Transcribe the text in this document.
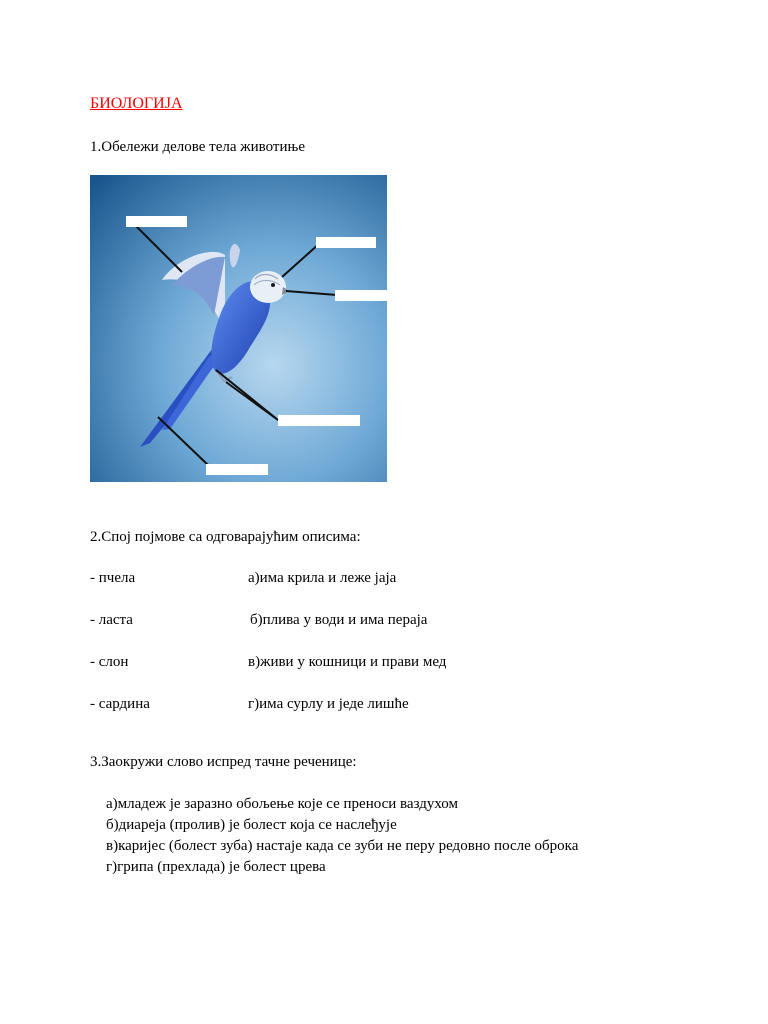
БИОЛОГИЈА
1.Обележи делове тела животиње
2.Спој појмове са одговарајућим описима:
- пчела	а)има крила и леже јаја
- ласта	б)плива у води и има пераја
- слон	в)живи у кошници и прави мед
- сардина	г)има сурлу и једе лишће
3.Заокружи слово испред тачне реченице:
а)младеж је заразно обољење које се преноси ваздухом
б)диареја (пролив) је болест која се наслеђује
в)каријес (болест зуба) настаје када се зуби не перу редовно после оброка
г)грипа (прехлада) је болест црева
